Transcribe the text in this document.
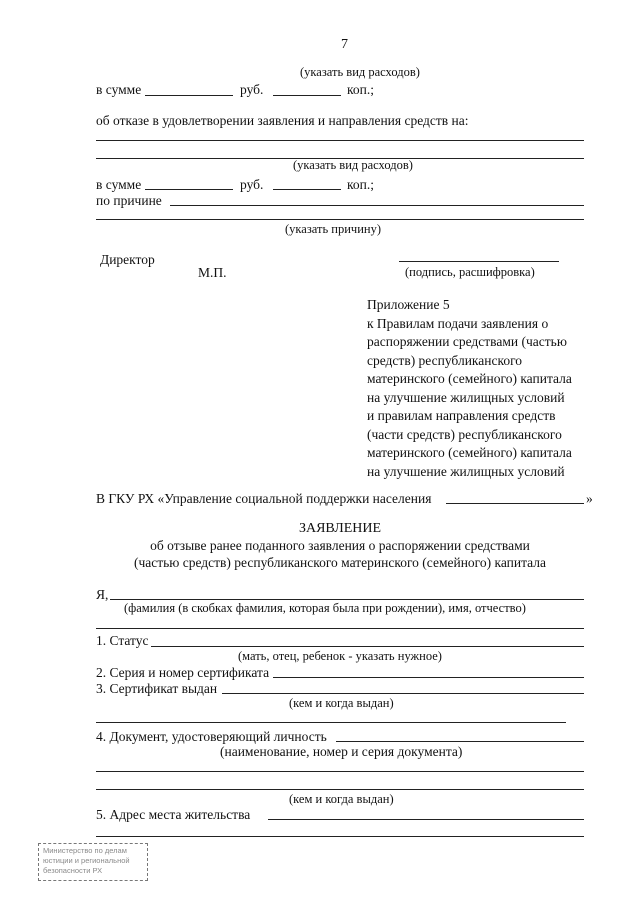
7
(указать вид расходов)
в сумме	руб.	коп.;
об отказе в удовлетворении заявления и направления средств на:
(указать вид расходов)
в сумме	руб.	коп.;
по причине
(указать причину)
Директор
М.П.	(подпись, расшифровка)
Приложение 5
к Правилам подачи заявления о
распоряжении средствами (частью
средств) республиканского
материнского (семейного) капитала
на улучшение жилищных условий
и правилам направления средств
(части средств) республиканского
материнского (семейного) капитала
на улучшение жилищных условий
В ГКУ РХ «Управление социальной поддержки населения	»
ЗАЯВЛЕНИЕ
об отзыве ранее поданного заявления о распоряжении средствами
(частью средств) республиканского материнского (семейного) капитала
Я,
(фамилия (в скобках фамилия, которая была при рождении), имя, отчество)
1. Статус
(мать, отец, ребенок - указать нужное)
2. Серия и номер сертификата
3. Сертификат выдан
(кем и когда выдан)
4. Документ, удостоверяющий личность
(наименование, номер и серия документа)
(кем и когда выдан)
5. Адрес места жительства
Министерство по делам юстиции и региональной безопасности РХ
